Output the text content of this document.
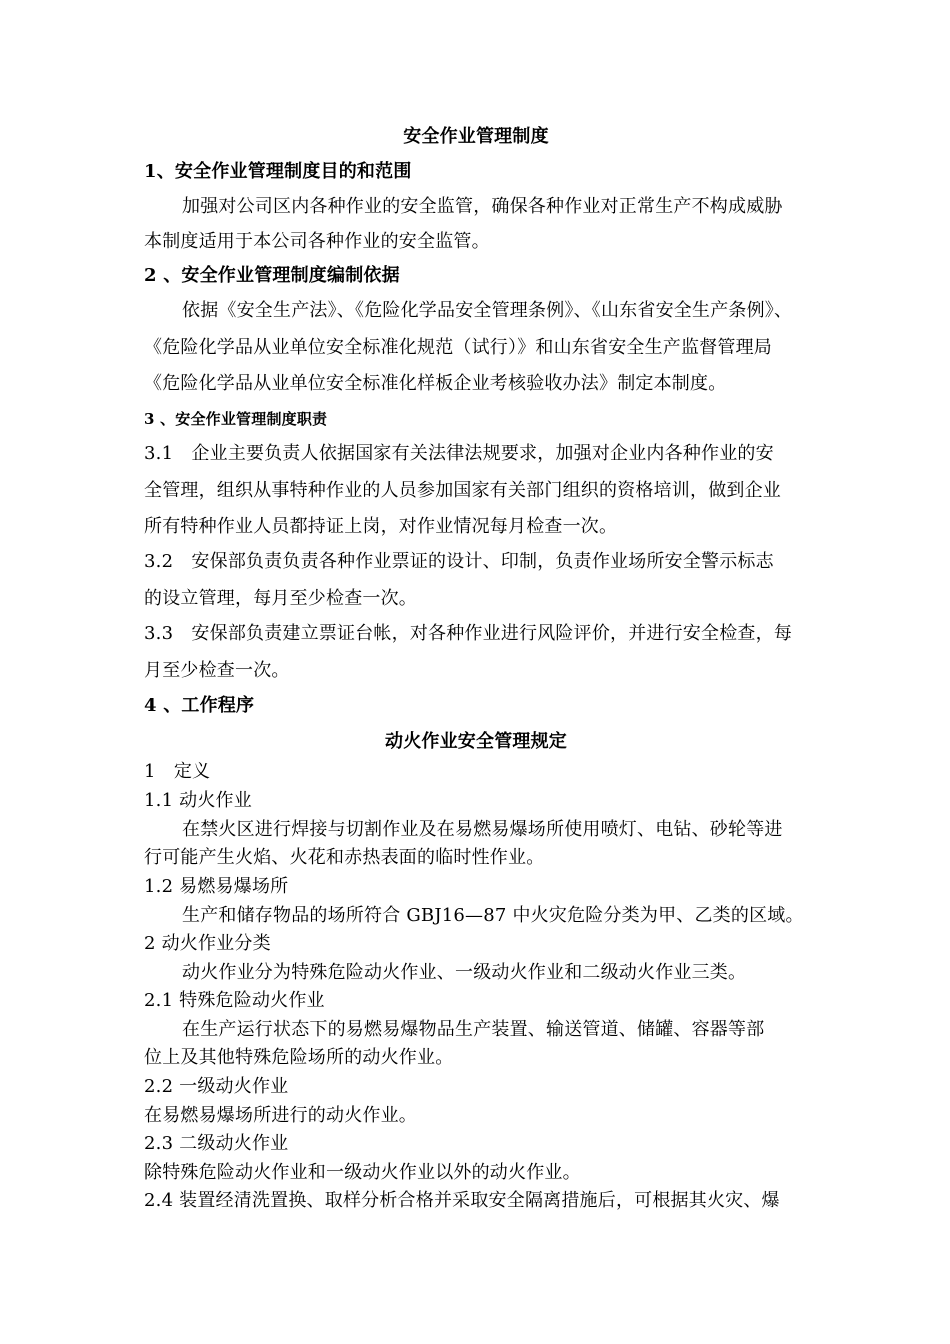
安全作业管理制度
1、安全作业管理制度目的和范围
加强对公司区内各种作业的安全监管，确保各种作业对正常生产不构成威胁
本制度适用于本公司各种作业的安全监管。
2 、安全作业管理制度编制依据
依据《安全生产法》、《危险化学品安全管理条例》、《山东省安全生产条例》、
《危险化学品从业单位安全标准化规范（试行）》和山东省安全生产监督管理局
《危险化学品从业单位安全标准化样板企业考核验收办法》制定本制度。
3 、安全作业管理制度职责
3.1　企业主要负责人依据国家有关法律法规要求，加强对企业内各种作业的安
全管理，组织从事特种作业的人员参加国家有关部门组织的资格培训，做到企业
所有特种作业人员都持证上岗，对作业情况每月检查一次。
3.2　安保部负责负责各种作业票证的设计、印制，负责作业场所安全警示标志
的设立管理，每月至少检查一次。
3.3　安保部负责建立票证台帐，对各种作业进行风险评价，并进行安全检查，每
月至少检查一次。
4 、工作程序
动火作业安全管理规定
1　定义
1.1 动火作业
在禁火区进行焊接与切割作业及在易燃易爆场所使用喷灯、电钻、砂轮等进
行可能产生火焰、火花和赤热表面的临时性作业。
1.2 易燃易爆场所
生产和储存物品的场所符合 GBJ16—87 中火灾危险分类为甲、乙类的区域。
2 动火作业分类
动火作业分为特殊危险动火作业、一级动火作业和二级动火作业三类。
2.1 特殊危险动火作业
在生产运行状态下的易燃易爆物品生产装置、输送管道、储罐、容器等部
位上及其他特殊危险场所的动火作业。
2.2 一级动火作业
在易燃易爆场所进行的动火作业。
2.3 二级动火作业
除特殊危险动火作业和一级动火作业以外的动火作业。
2.4 装置经清洗置换、取样分析合格并采取安全隔离措施后，可根据其火灾、爆
